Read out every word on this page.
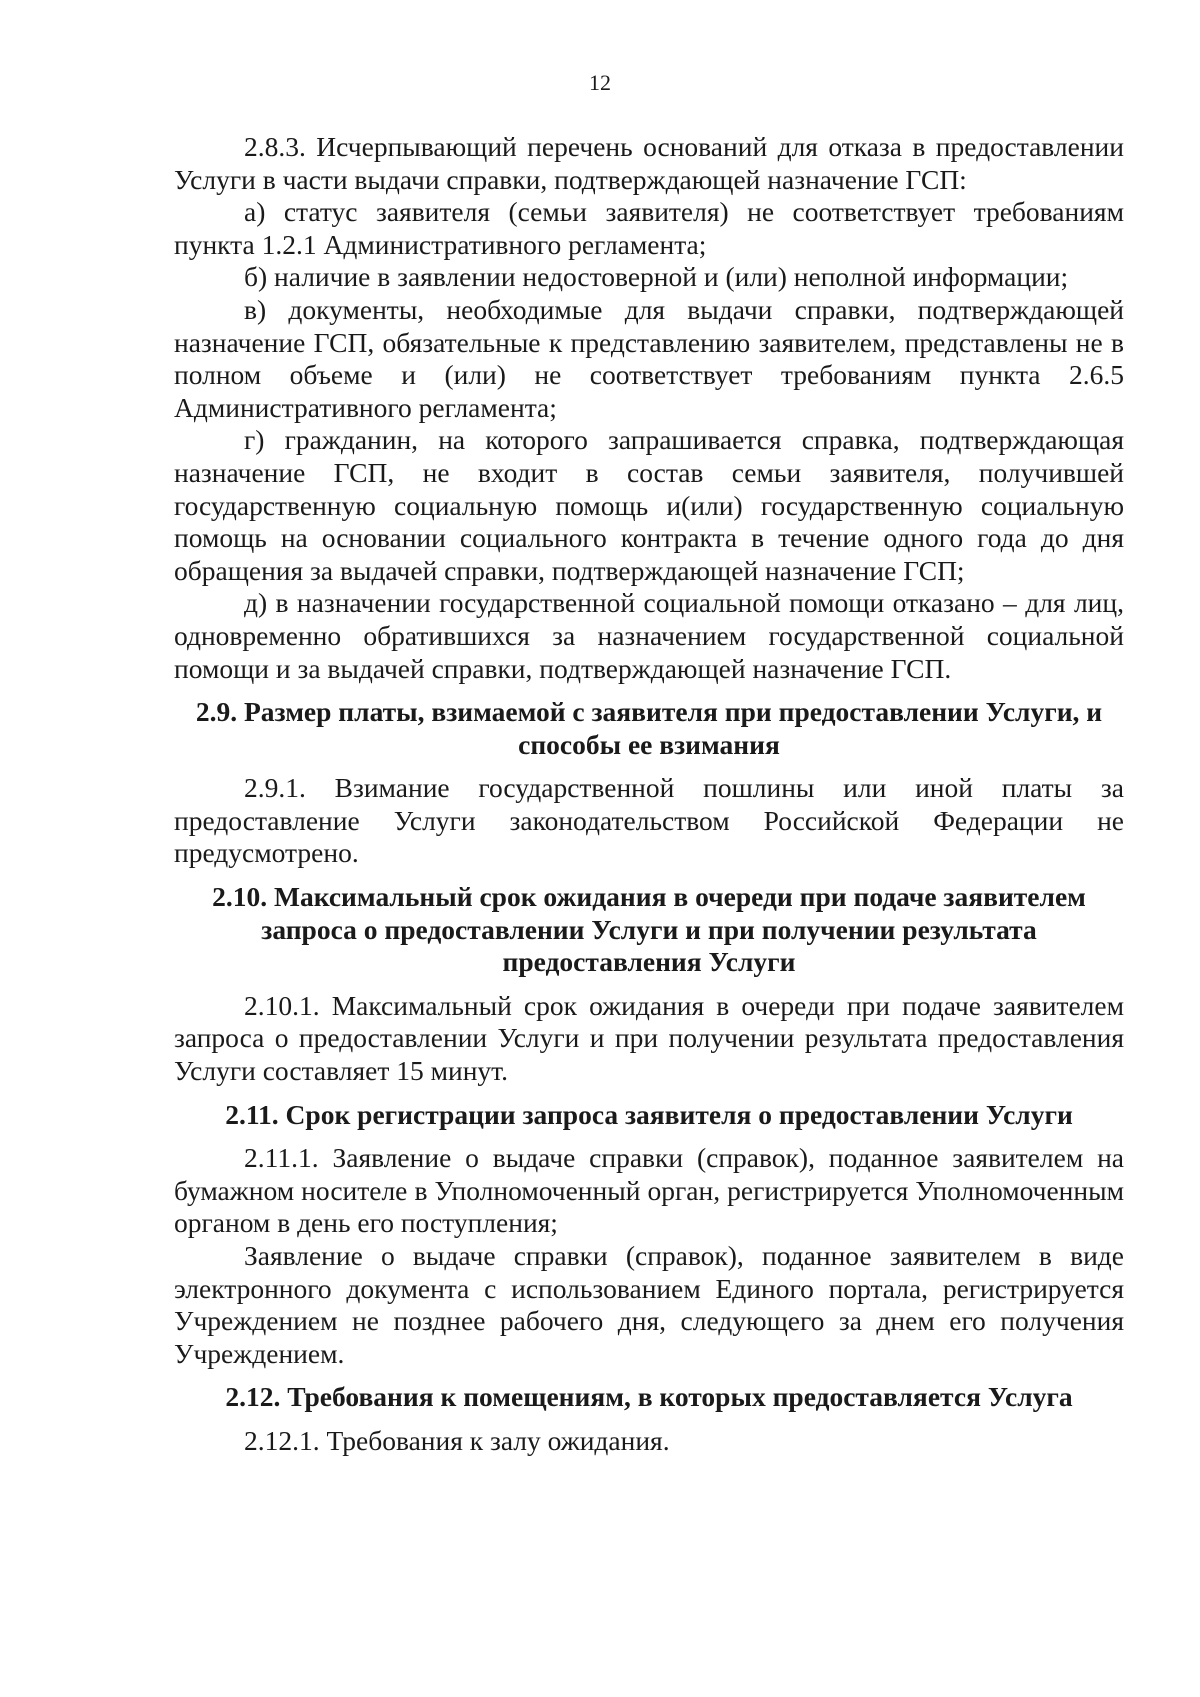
12

2.8.3. Исчерпывающий перечень оснований для отказа в предоставлении Услуги в части выдачи справки, подтверждающей назначение ГСП:

а) статус заявителя (семьи заявителя) не соответствует требованиям пункта 1.2.1 Административного регламента;

б) наличие в заявлении недостоверной и (или) неполной информации;

в) документы, необходимые для выдачи справки, подтверждающей назначение ГСП, обязательные к представлению заявителем, представлены не в полном объеме и (или) не соответствует требованиям пункта 2.6.5 Административного регламента;

г) гражданин, на которого запрашивается справка, подтверждающая назначение ГСП, не входит в состав семьи заявителя, получившей государственную социальную помощь и(или) государственную социальную помощь на основании социального контракта в течение одного года до дня обращения за выдачей справки, подтверждающей назначение ГСП;

д) в назначении государственной социальной помощи отказано – для лиц, одновременно обратившихся за назначением государственной социальной помощи и за выдачей справки, подтверждающей назначение ГСП.

2.9. Размер платы, взимаемой с заявителя при предоставлении Услуги, и способы ее взимания

2.9.1. Взимание государственной пошлины или иной платы за предоставление Услуги законодательством Российской Федерации не предусмотрено.

2.10. Максимальный срок ожидания в очереди при подаче заявителем запроса о предоставлении Услуги и при получении результата предоставления Услуги

2.10.1. Максимальный срок ожидания в очереди при подаче заявителем запроса о предоставлении Услуги и при получении результата предоставления Услуги составляет 15 минут.

2.11. Срок регистрации запроса заявителя о предоставлении Услуги

2.11.1. Заявление о выдаче справки (справок), поданное заявителем на бумажном носителе в Уполномоченный орган, регистрируется Уполномоченным органом в день его поступления;

Заявление о выдаче справки (справок), поданное заявителем в виде электронного документа с использованием Единого портала, регистрируется Учреждением не позднее рабочего дня, следующего за днем его получения Учреждением.

2.12. Требования к помещениям, в которых предоставляется Услуга

2.12.1. Требования к залу ожидания.
